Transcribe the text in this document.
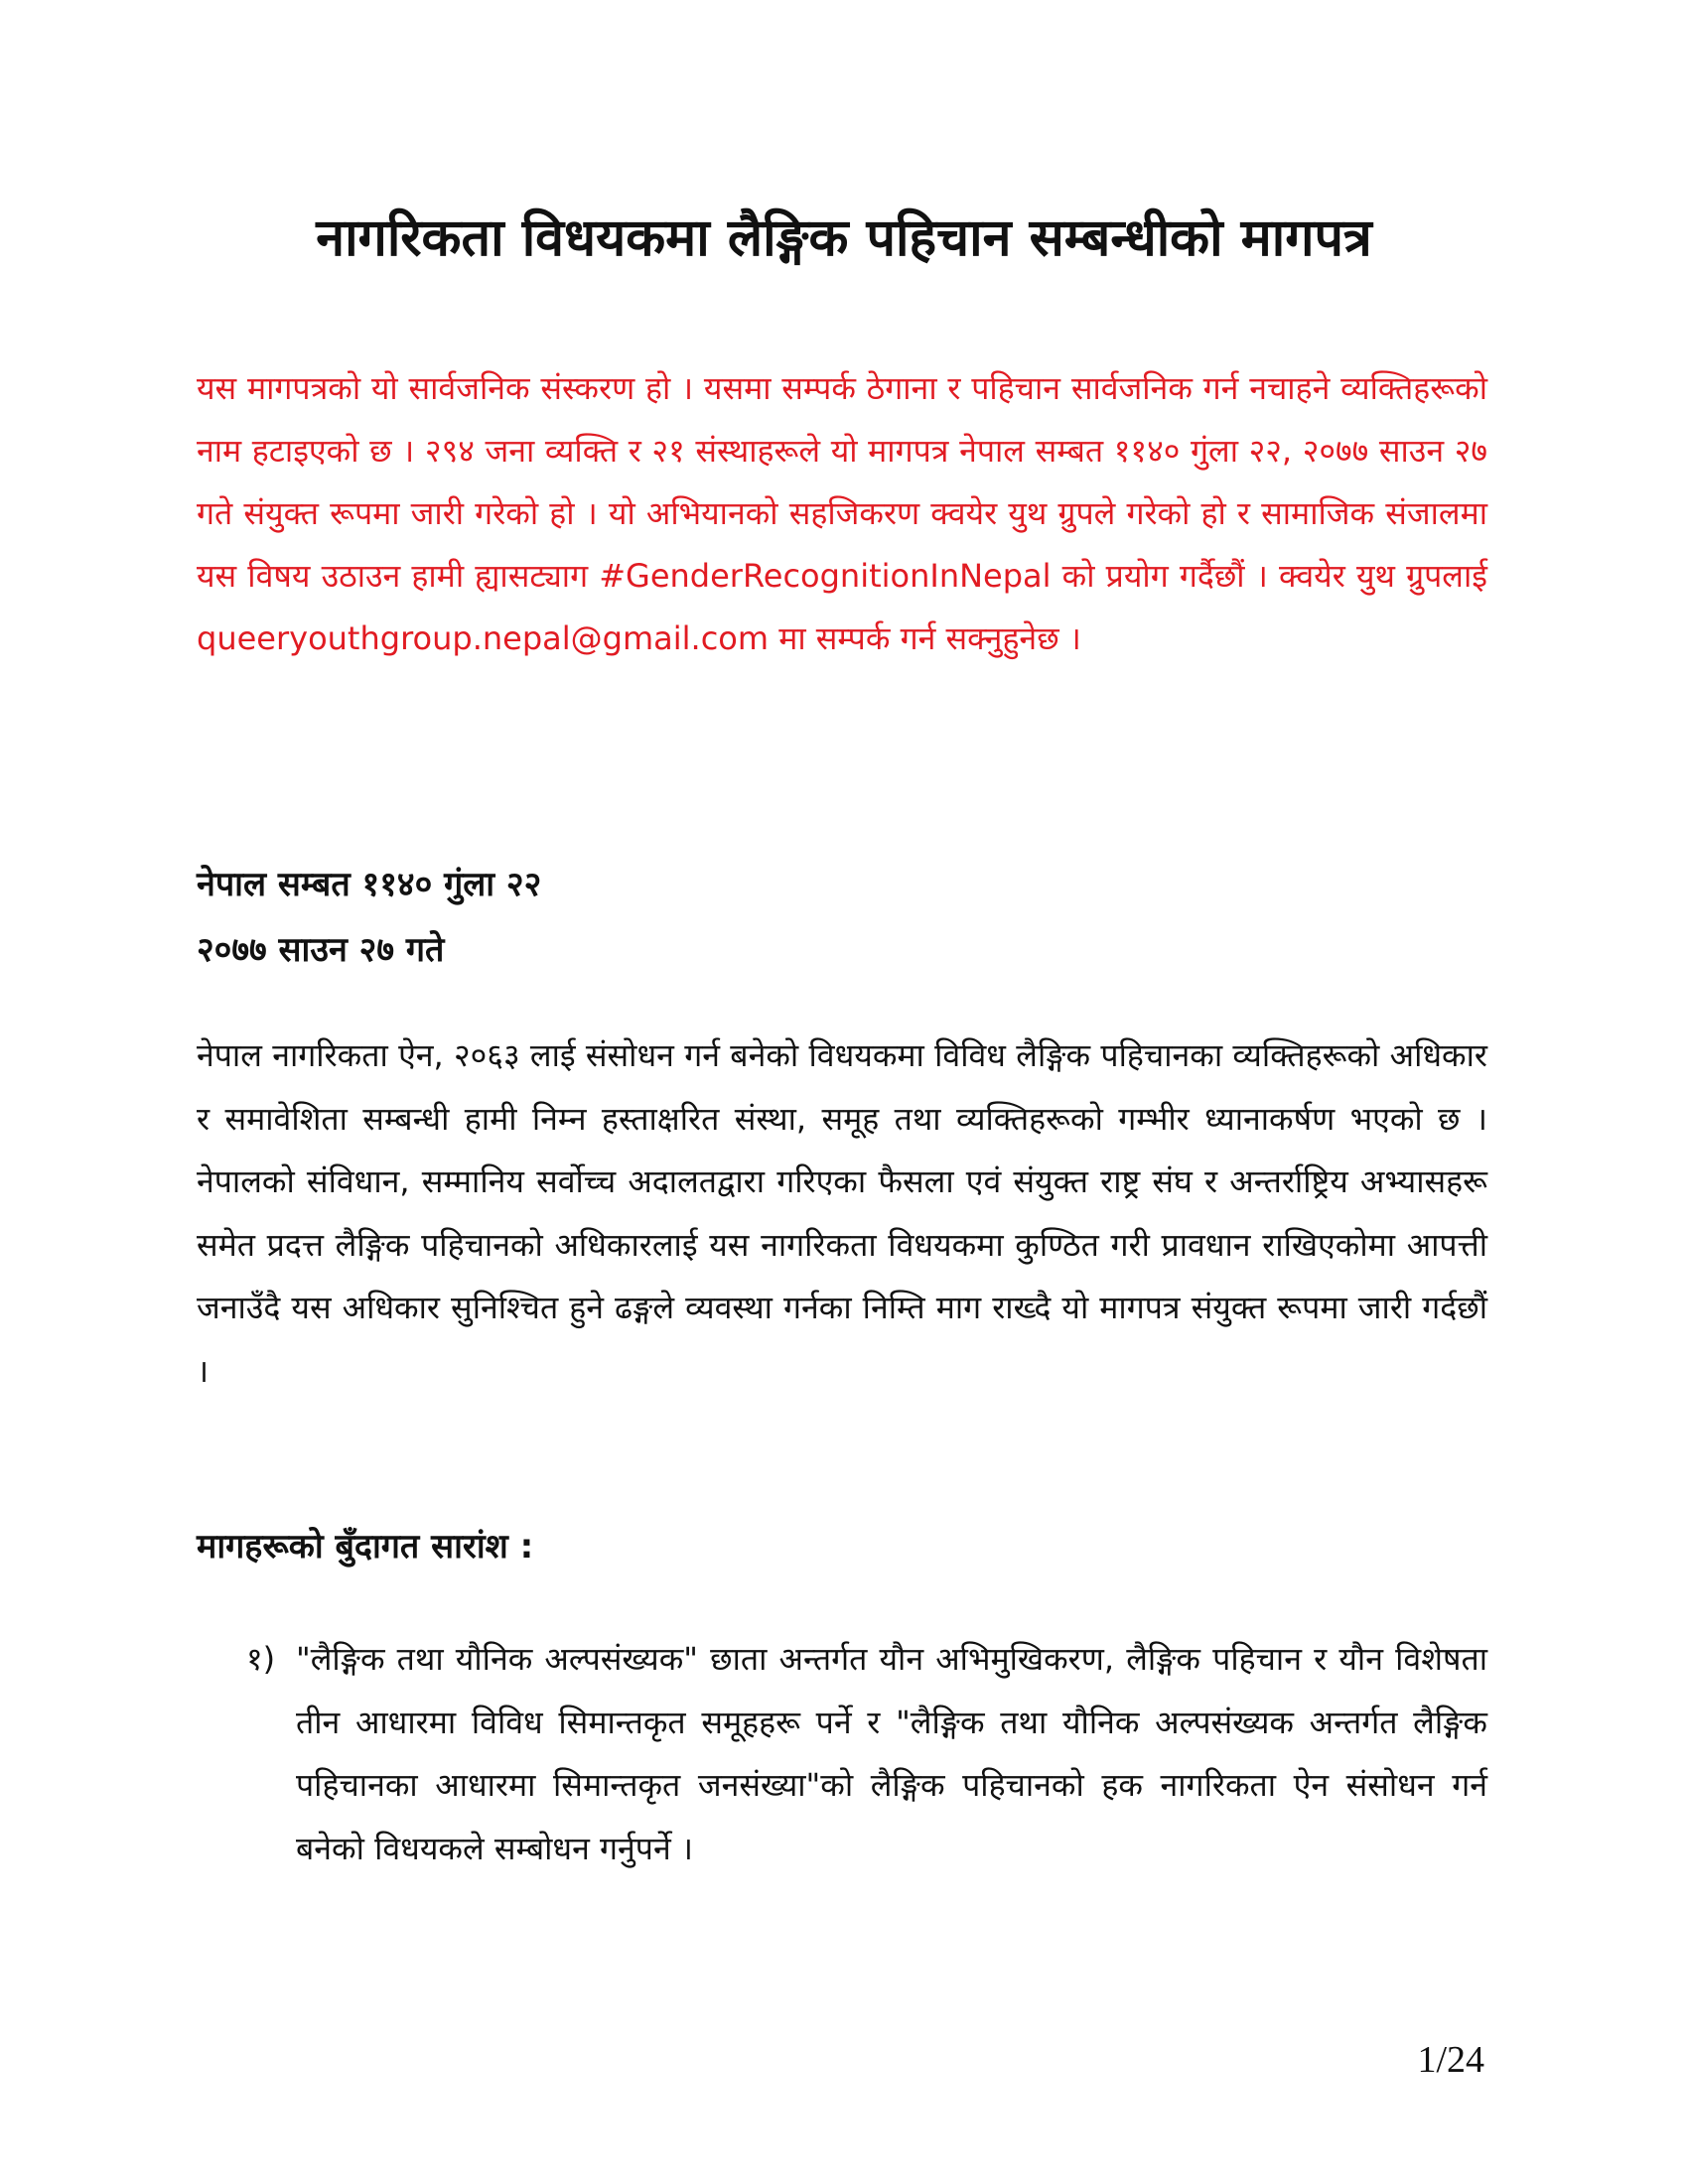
नागरिकता विधयकमा लैङ्गिक पहिचान सम्बन्धीको मागपत्र

यस मागपत्रको यो सार्वजनिक संस्करण हो । यसमा सम्पर्क ठेगाना र पहिचान सार्वजनिक गर्न नचाहने व्यक्तिहरूको नाम हटाइएको छ । २९४ जना व्यक्ति र २१ संस्थाहरूले यो मागपत्र नेपाल सम्बत ११४० गुंला २२, २०७७ साउन २७ गते संयुक्त रूपमा जारी गरेको हो । यो अभियानको सहजिकरण क्वयेर युथ ग्रुपले गरेको हो र सामाजिक संजालमा यस विषय उठाउन हामी ह्यासट्याग #GenderRecognitionInNepal को प्रयोग गर्दैछौं । क्वयेर युथ ग्रुपलाई queeryouthgroup.nepal@gmail.com मा सम्पर्क गर्न सक्नुहुनेछ ।

नेपाल सम्बत ११४० गुंला २२
२०७७ साउन २७ गते

नेपाल नागरिकता ऐन, २०६३ लाई संसोधन गर्न बनेको विधयकमा विविध लैङ्गिक पहिचानका व्यक्तिहरूको अधिकार र समावेशिता सम्बन्धी हामी निम्न हस्ताक्षरित संस्था, समूह तथा व्यक्तिहरूको गम्भीर ध्यानाकर्षण भएको छ । नेपालको संविधान, सम्मानिय सर्वोच्च अदालतद्वारा गरिएका फैसला एवं संयुक्त राष्ट्र संघ र अन्तर्राष्ट्रिय अभ्यासहरू समेत प्रदत्त लैङ्गिक पहिचानको अधिकारलाई यस नागरिकता विधयकमा कुण्ठित गरी प्रावधान राखिएकोमा आपत्ती जनाउँदै यस अधिकार सुनिश्चित हुने ढङ्गले व्यवस्था गर्नका निम्ति माग राख्दै यो मागपत्र संयुक्त रूपमा जारी गर्दछौं ।

मागहरूको बुँदागत सारांश :
१) "लैङ्गिक तथा यौनिक अल्पसंख्यक" छाता अन्तर्गत यौन अभिमुखिकरण, लैङ्गिक पहिचान र यौन विशेषता तीन आधारमा विविध सिमान्तकृत समूहहरू पर्ने र "लैङ्गिक तथा यौनिक अल्पसंख्यक अन्तर्गत लैङ्गिक पहिचानका आधारमा सिमान्तकृत जनसंख्या"को लैङ्गिक पहिचानको हक नागरिकता ऐन संसोधन गर्न बनेको विधयकले सम्बोधन गर्नुपर्ने ।
1/24
